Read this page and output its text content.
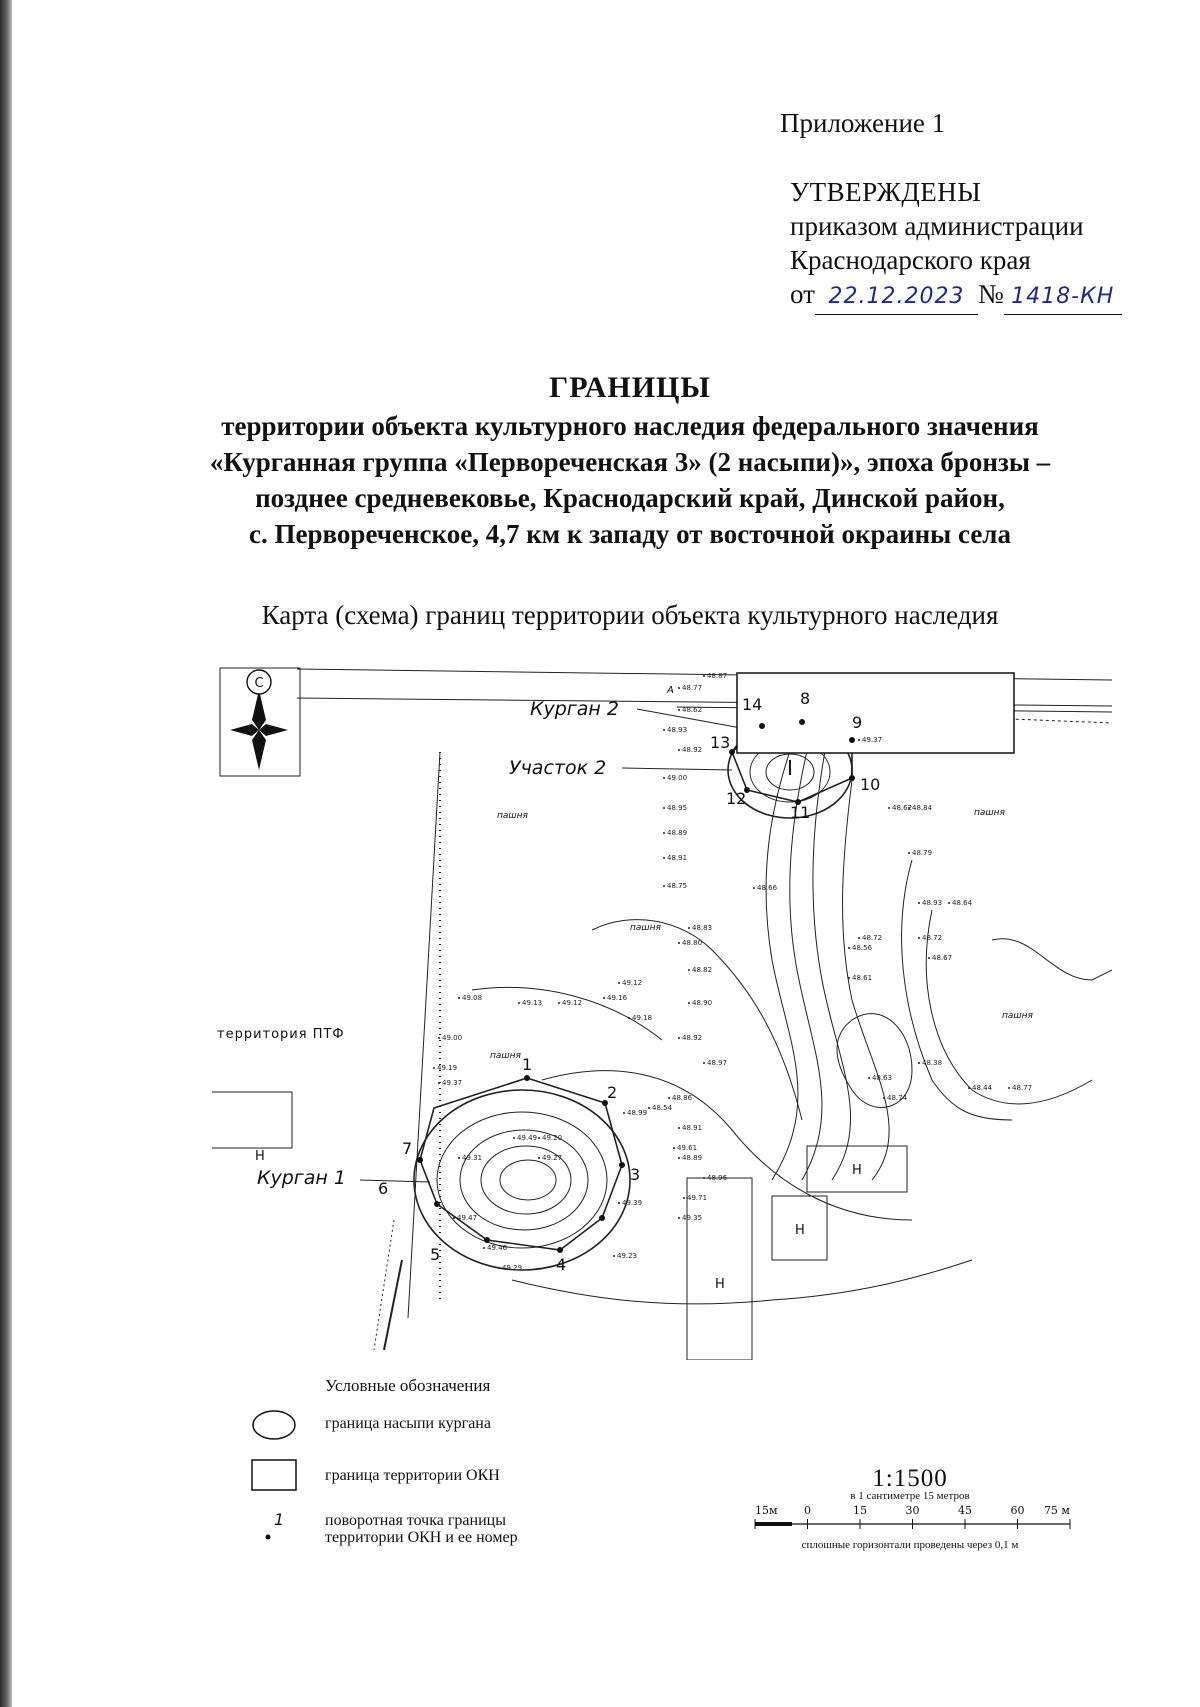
Приложение 1
УТВЕРЖДЕНЫ
приказом администрации
Краснодарского края
от 22.12.2023 № 1418-КН
ГРАНИЦЫ
территории объекта культурного наследия федерального значения
«Курганная группа «Первореченская 3» (2 насыпи)», эпоха бронзы –
позднее средневековье, Краснодарский край, Динской район,
с. Первореченское, 4,7 км к западу от восточной окраины села
Карта (схема) границ территории объекта культурного наследия
С	А
Курган 2
Участок 2
Курган 1
территория ПТФ
I
пашня
пашня
пашня
пашня
пашня
Н
Н
Н
Н
8
9
10
11
12
13
14
1
2
3
4
5
6
7
48.87
48.77
48.62
48.93
48.92
49.00
48.95
48.89
48.91
48.75
48.83
48.80
48.82
48.90
48.92
48.97
48.86
48.91
48.89
48.96
49.08
49.13	49.12
49.16
49.18
49.00
49.19
49.37
49.31
49.49 49.20
49.27
49.39
49.47
49.46
49.23
49.29
49.61
49.71
49.35
49.37
48.56
48.72
48.79
48.84
48.93
48.61
48.72
48.67
48.64
48.63
48.38
48.44	48.77
48.74
48.62
48.54
48.99
49.12
48.66
Условные обозначения
граница насыпи кургана
граница территории ОКН
1	поворотная точка границы
территории ОКН и ее номер
1:1500
в 1 сантиметре 15 метров
15м 0	15	30	45	60 75 м
сплошные горизонтали проведены через 0,1 м
